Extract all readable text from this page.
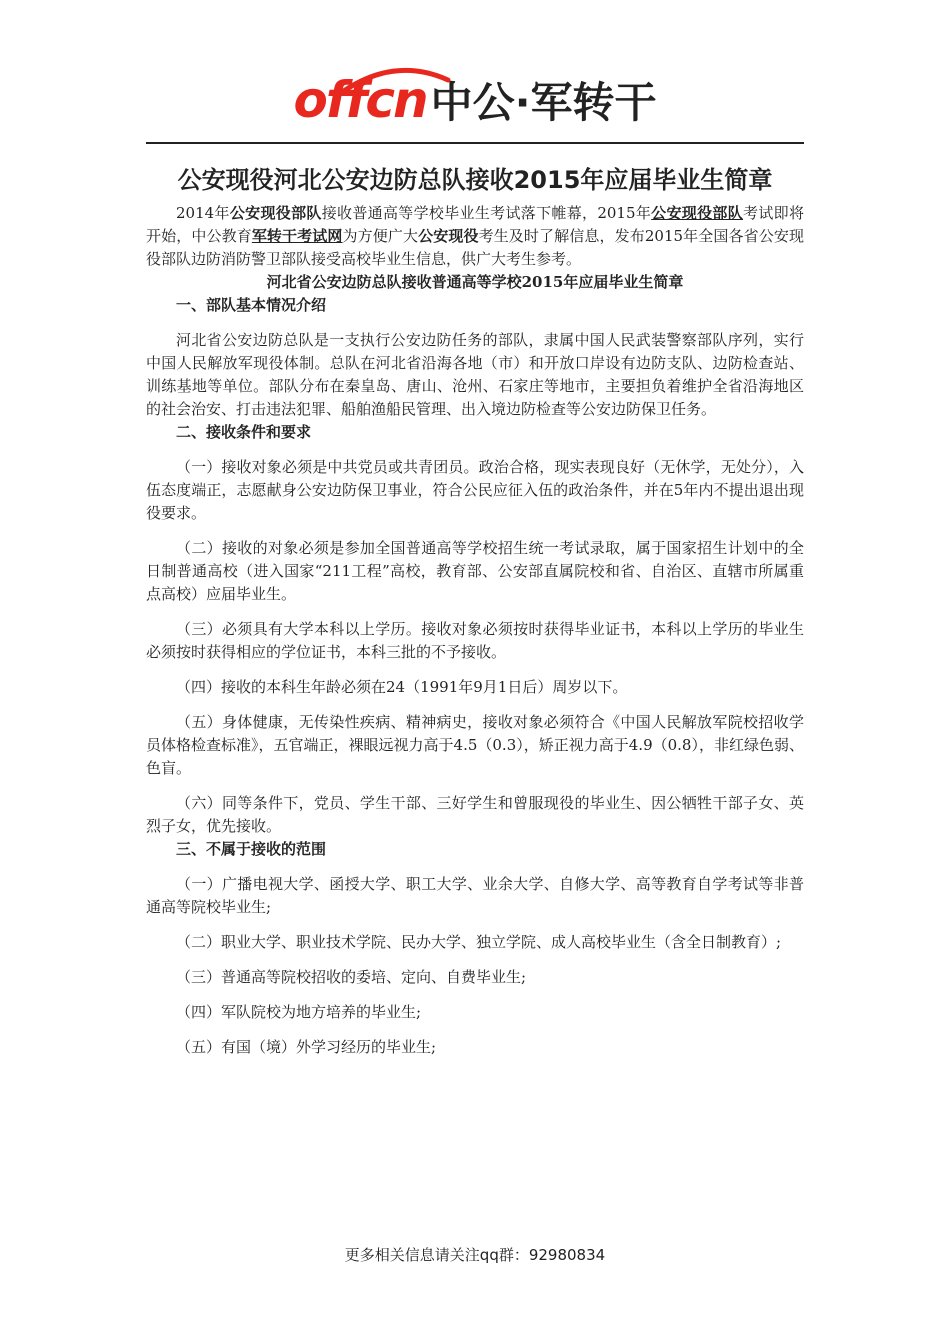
offcn中公·军转干
公安现役河北公安边防总队接收2015年应届毕业生简章

2014年公安现役部队接收普通高等学校毕业生考试落下帷幕，2015年公安现役部队考试即将开始，中公教育军转干考试网为方便广大公安现役考生及时了解信息，发布2015年全国各省公安现役部队边防消防警卫部队接受高校毕业生信息，供广大考生参考。

河北省公安边防总队接收普通高等学校2015年应届毕业生简章

一、部队基本情况介绍

河北省公安边防总队是一支执行公安边防任务的部队，隶属中国人民武装警察部队序列，实行中国人民解放军现役体制。总队在河北省沿海各地（市）和开放口岸设有边防支队、边防检查站、训练基地等单位。部队分布在秦皇岛、唐山、沧州、石家庄等地市，主要担负着维护全省沿海地区的社会治安、打击违法犯罪、船舶渔船民管理、出入境边防检查等公安边防保卫任务。

二、接收条件和要求

（一）接收对象必须是中共党员或共青团员。政治合格，现实表现良好（无休学，无处分），入伍态度端正，志愿献身公安边防保卫事业，符合公民应征入伍的政治条件，并在5年内不提出退出现役要求。

（二）接收的对象必须是参加全国普通高等学校招生统一考试录取，属于国家招生计划中的全日制普通高校（进入国家“211工程”高校，教育部、公安部直属院校和省、自治区、直辖市所属重点高校）应届毕业生。

（三）必须具有大学本科以上学历。接收对象必须按时获得毕业证书，本科以上学历的毕业生必须按时获得相应的学位证书，本科三批的不予接收。

（四）接收的本科生年龄必须在24（1991年9月1日后）周岁以下。

（五）身体健康，无传染性疾病、精神病史，接收对象必须符合《中国人民解放军院校招收学员体格检查标准》，五官端正，裸眼远视力高于4.5（0.3），矫正视力高于4.9（0.8），非红绿色弱、色盲。

（六）同等条件下，党员、学生干部、三好学生和曾服现役的毕业生、因公牺牲干部子女、英烈子女，优先接收。

三、不属于接收的范围

（一）广播电视大学、函授大学、职工大学、业余大学、自修大学、高等教育自学考试等非普通高等院校毕业生;

（二）职业大学、职业技术学院、民办大学、独立学院、成人高校毕业生（含全日制教育）;

（三）普通高等院校招收的委培、定向、自费毕业生;

（四）军队院校为地方培养的毕业生;

（五）有国（境）外学习经历的毕业生;

更多相关信息请关注qq群：92980834
